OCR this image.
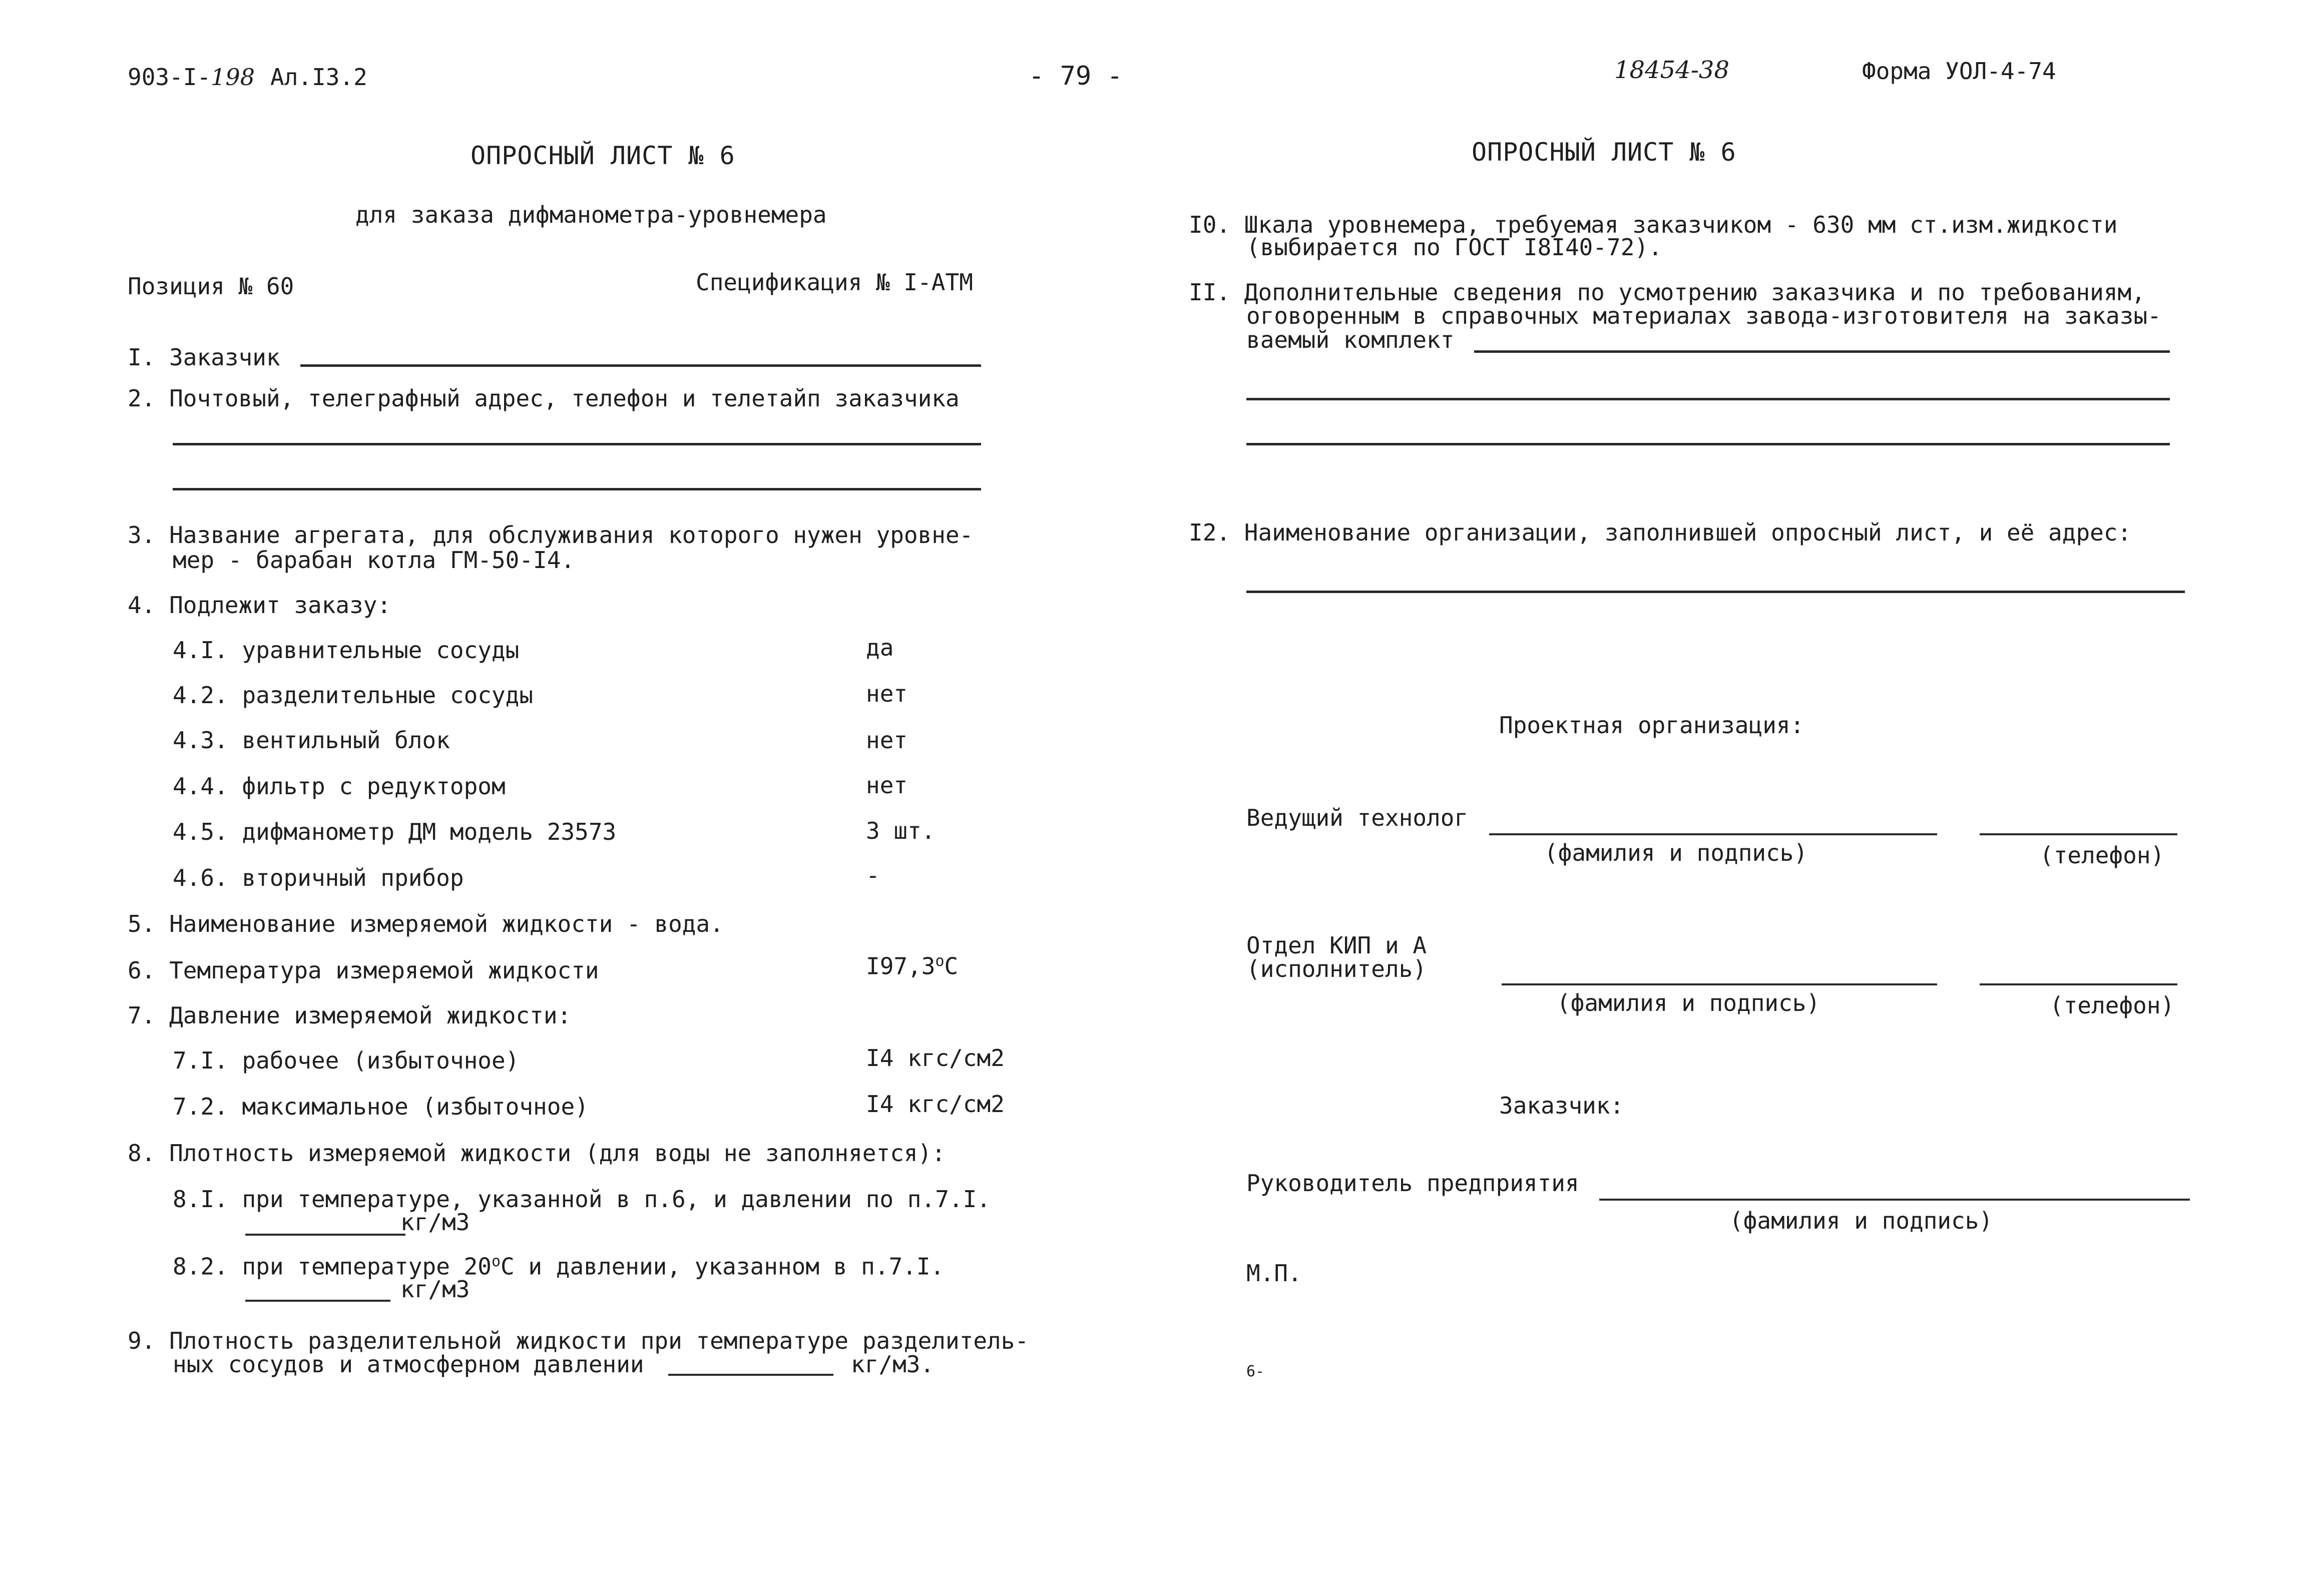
903-I-198 Ал.I3.2
ОПРОСНЫЙ ЛИСТ № 6
для заказа дифманометра-уровнемера
Позиция № 60	Спецификация № I-АТМ
I. Заказчик
2. Почтовый, телеграфный адрес, телефон и телетайп заказчика
3. Название агрегата, для обслуживания которого нужен уровне-
мер - барабан котла ГМ-50-I4.
4. Подлежит заказу:
4.I. уравнительные сосуды	да
4.2. разделительные сосуды	нет
4.3. вентильный блок	нет
4.4. фильтр с редуктором	нет
4.5. дифманометр ДМ модель 23573	3 шт.
4.6. вторичный прибор	-
5. Наименование измеряемой жидкости - вода.
6. Температура измеряемой жидкости	I97,3$^o$C
7. Давление измеряемой жидкости:
7.I. рабочее (избыточное)	I4 кгс/см2
7.2. максимальное (избыточное)	I4 кгс/см2
8. Плотность измеряемой жидкости (для воды не заполняется):
8.I. при температуре, указанной в п.6, и давлении по п.7.I.
кг/м3
8.2. при температуре 20$^o$C и давлении, указанном в п.7.I.
кг/м3
9. Плотность разделительной жидкости при температуре разделитель-
ных сосудов и атмосферном давлении	кг/м3.
- 79 -	18454-38	Форма УОЛ-4-74
ОПРОСНЫЙ ЛИСТ № 6
I0. Шкала уровнемера, требуемая заказчиком - 630 мм ст.изм.жидкости
(выбирается по ГОСТ I8I40-72).
II. Дополнительные сведения по усмотрению заказчика и по требованиям,
оговоренным в справочных материалах завода-изготовителя на заказы-
ваемый комплект
I2. Наименование организации, заполнившей опросный лист, и её адрес:
Проектная организация:
Ведущий технолог
(фамилия и подпись)	(телефон)
Отдел КИП и А
(исполнитель)
(фамилия и подпись)	(телефон)
Заказчик:
Руководитель предприятия
(фамилия и подпись)
М.П.
6-
